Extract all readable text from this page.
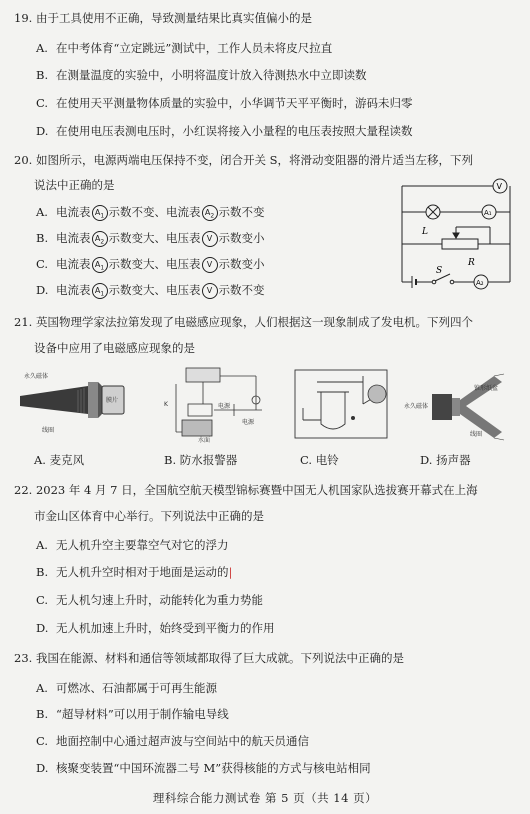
19. 由于工具使用不正确，导致测量结果比真实值偏小的是
A. 在中考体育“立定跳远”测试中，工作人员未将皮尺拉直
B. 在测量温度的实验中，小明将温度计放入待测热水中立即读数
C. 在使用天平测量物体质量的实验中，小华调节天平平衡时，游码未归零
D. 在使用电压表测电压时，小红误将接入小量程的电压表按照大量程读数
20. 如图所示，电源两端电压保持不变，闭合开关 S，将滑动变阻器的滑片适当左移，下列
说法中正确的是
A. 电流表 $A_1$ 示数不变、电流表 $A_2$ 示数不变
B. 电流表 $A_2$ 示数变大、电压表 V 示数变小
C. 电流表 $A_1$ 示数变大、电压表 V 示数变小
D. 电流表 $A_1$ 示数变大、电压表 V 示数不变
V
A₁
A₂
L
R
S
21. 英国物理学家法拉第发现了电磁感应现象，人们根据这一现象制成了发电机。下列四个
设备中应用了电磁感应现象的是
永久磁体
线圈
膜片
K	电源
电源
水面
永久磁体
线圈
锥形纸盆
A. 麦克风	B. 防水报警器	C. 电铃	D. 扬声器
22. 2023 年 4 月 7 日，全国航空航天模型锦标赛暨中国无人机国家队选拔赛开幕式在上海
市金山区体育中心举行。下列说法中正确的是
A. 无人机升空主要靠空气对它的浮力
B. 无人机升空时相对于地面是运动的|
C. 无人机匀速上升时，动能转化为重力势能
D. 无人机加速上升时，始终受到平衡力的作用
23. 我国在能源、材料和通信等领域都取得了巨大成就。下列说法中正确的是
A. 可燃冰、石油都属于可再生能源
B. “超导材料”可以用于制作输电导线
C. 地面控制中心通过超声波与空间站中的航天员通信
D. 核聚变装置“中国环流器二号 M”获得核能的方式与核电站相同
理科综合能力测试卷 第 5 页（共 14 页）
